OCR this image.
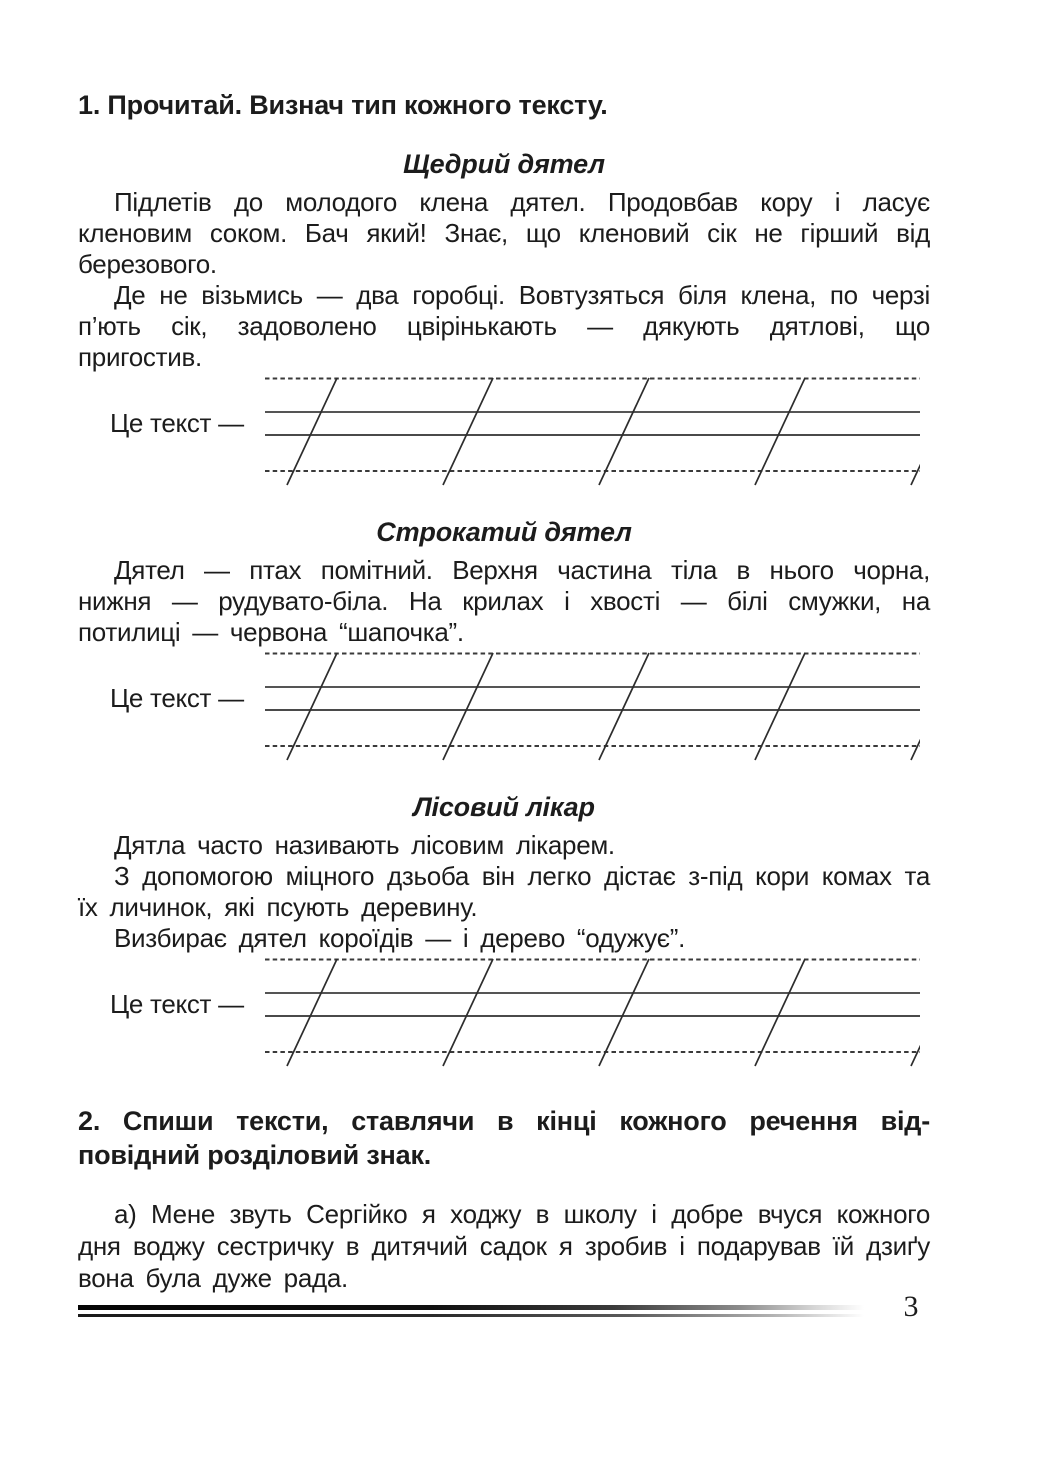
1. Прочитай. Визнач тип кожного тексту.
Щедрий дятел
Підлетів до молодого клена дятел. Продовбав кору і ласує кленовим соком. Бач який! Знає, що кленовий сік не гірший від березового.
Де не візьмись — два горобці. Вовтузяться біля клена, по черзі п’ють сік, задоволено цвірінькають — дякують дятлові, що пригостив.
Це текст —
Строкатий дятел
Дятел — птах помітний. Верхня частина тіла в нього чорна, нижня — рудувато-біла. На крилах і хвості — білі смужки, на потилиці — червона “шапочка”.
Це текст —
Лісовий лікар
Дятла часто називають лісовим лікарем.
З допомогою міцного дзьоба він легко дістає з-під кори комах та їх личинок, які псують деревину.
Визбирає дятел короїдів — і дерево “одужує”.
Це текст —
2. Спиши тексти, ставлячи в кінці кожного речення від-
повідний розділовий знак.
а) Мене звуть Сергійко я ходжу в школу і добре вчуся кожного дня воджу сестричку в дитячий садок я зробив і подарував їй дзиґу вона була дуже рада.
3
